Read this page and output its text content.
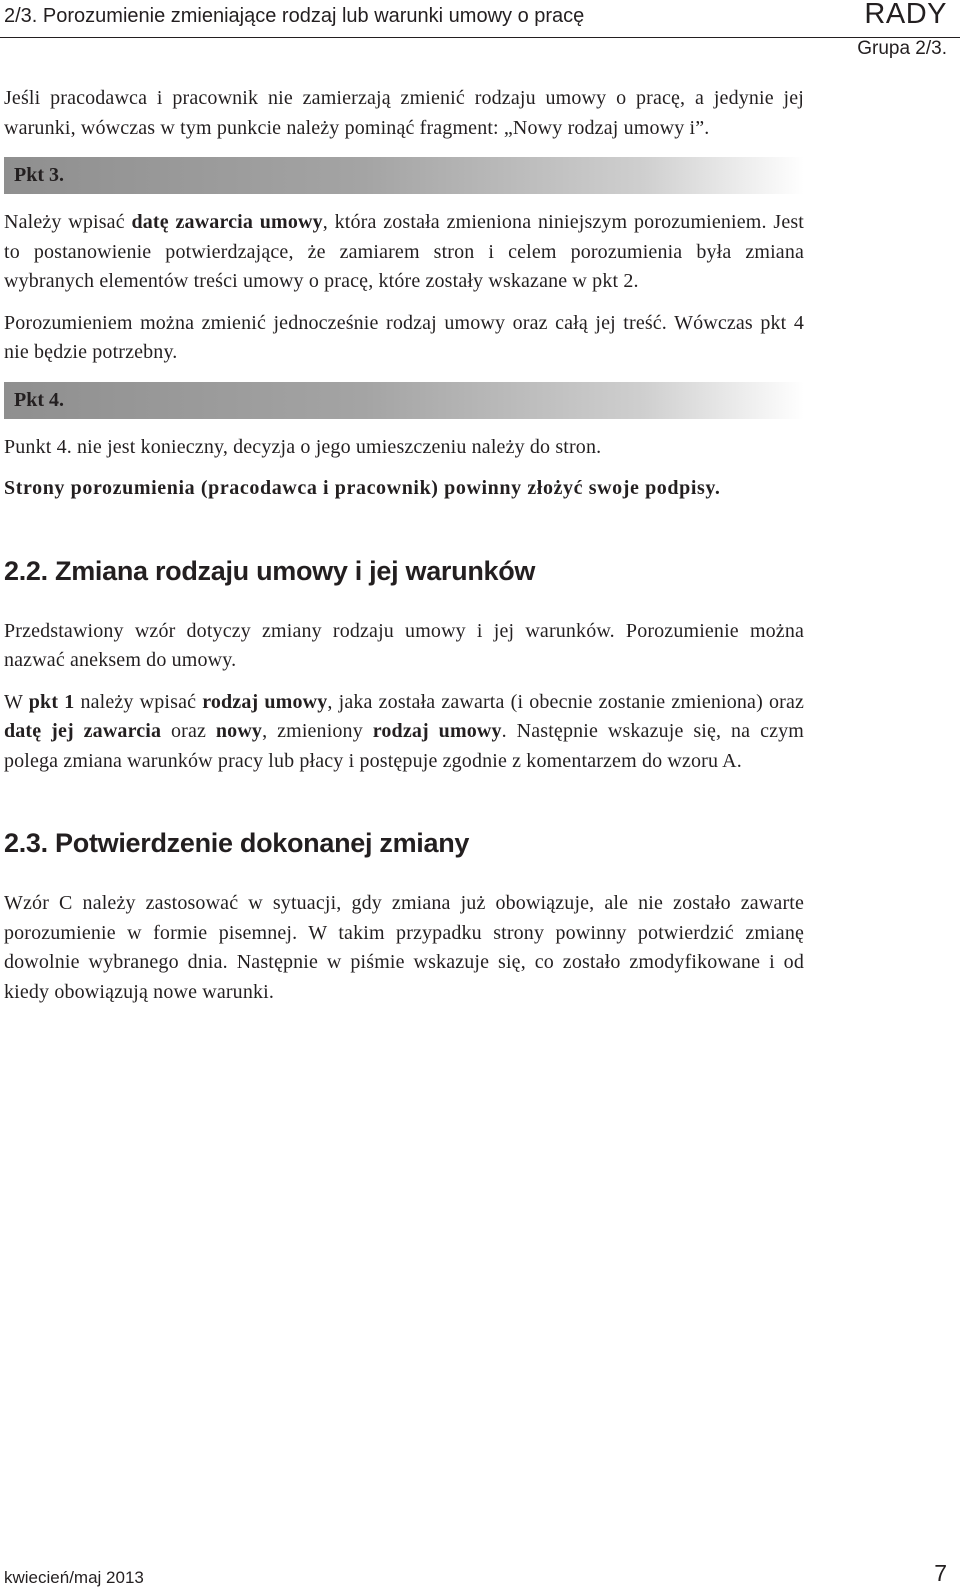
2/3. Porozumienie zmieniające rodzaj lub warunki umowy o pracę	RADY
Grupa 2/3.

Jeśli pracodawca i pracownik nie zamierzają zmienić rodzaju umowy o pracę, a jedynie jej warunki, wówczas w tym punkcie należy pominąć fragment: „Nowy rodzaj umowy i”.

Pkt 3.

Należy wpisać datę zawarcia umowy, która została zmieniona niniejszym porozumieniem. Jest to postanowienie potwierdzające, że zamiarem stron i celem porozumienia była zmiana wybranych elementów treści umowy o pracę, które zostały wskazane w pkt 2.

Porozumieniem można zmienić jednocześnie rodzaj umowy oraz całą jej treść. Wówczas pkt 4 nie będzie potrzebny.

Pkt 4.

Punkt 4. nie jest konieczny, decyzja o jego umieszczeniu należy do stron.

Strony porozumienia (pracodawca i pracownik) powinny złożyć swoje podpisy.

2.2. Zmiana rodzaju umowy i jej warunków

Przedstawiony wzór dotyczy zmiany rodzaju umowy i jej warunków. Porozumienie można nazwać aneksem do umowy.

W pkt 1 należy wpisać rodzaj umowy, jaka została zawarta (i obecnie zostanie zmieniona) oraz datę jej zawarcia oraz nowy, zmieniony rodzaj umowy. Następnie wskazuje się, na czym polega zmiana warunków pracy lub płacy i postępuje zgodnie z komentarzem do wzoru A.

2.3. Potwierdzenie dokonanej zmiany

Wzór C należy zastosować w sytuacji, gdy zmiana już obowiązuje, ale nie zostało zawarte porozumienie w formie pisemnej. W takim przypadku strony powinny potwierdzić zmianę dowolnie wybranego dnia. Następnie w piśmie wskazuje się, co zostało zmodyfikowane i od kiedy obowiązują nowe warunki.

kwiecień/maj 2013	7
